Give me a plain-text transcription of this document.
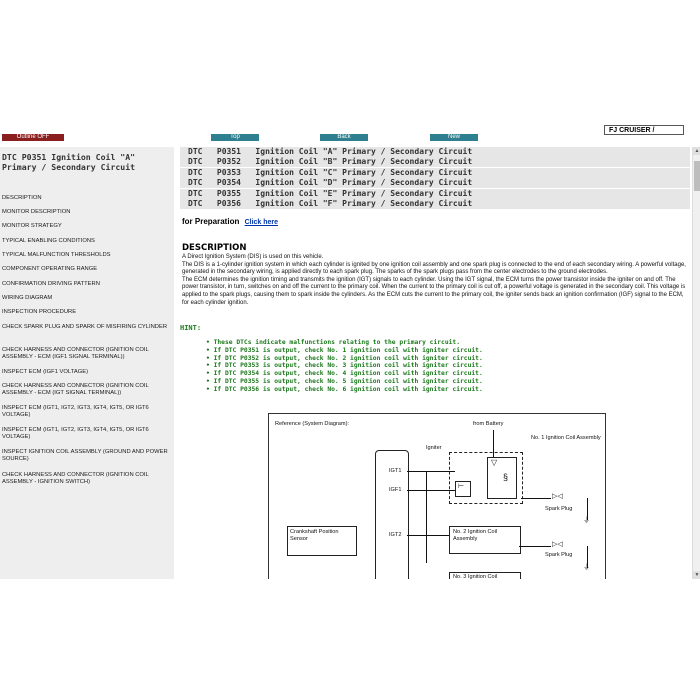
Outline OFF	Top	Back	New
FJ CRUISER /
DTC P0351 Ignition Coil "A" Primary / Secondary Circuit
DESCRIPTION
MONITOR DESCRIPTION
MONITOR STRATEGY
TYPICAL ENABLING CONDITIONS
TYPICAL MALFUNCTION THRESHOLDS
COMPONENT OPERATING RANGE
CONFIRMATION DRIVING PATTERN
WIRING DIAGRAM
INSPECTION PROCEDURE
CHECK SPARK PLUG AND SPARK OF MISFIRING CYLINDER
CHECK HARNESS AND CONNECTOR (IGNITION COIL ASSEMBLY - ECM (IGF1 SIGNAL TERMINAL))
INSPECT ECM (IGF1 VOLTAGE)
CHECK HARNESS AND CONNECTOR (IGNITION COIL ASSEMBLY - ECM (IGT SIGNAL TERMINAL))
INSPECT ECM (IGT1, IGT2, IGT3, IGT4, IGT5, OR IGT6 VOLTAGE)
INSPECT ECM (IGT1, IGT2, IGT3, IGT4, IGT5, OR IGT6 VOLTAGE)
INSPECT IGNITION COIL ASSEMBLY (GROUND AND POWER SOURCE)
CHECK HARNESS AND CONNECTOR (IGNITION COIL ASSEMBLY - IGNITION SWITCH)
DTC   P0351   Ignition Coil "A" Primary / Secondary Circuit
DTC   P0352   Ignition Coil "B" Primary / Secondary Circuit
DTC   P0353   Ignition Coil "C" Primary / Secondary Circuit
DTC   P0354   Ignition Coil "D" Primary / Secondary Circuit
DTC   P0355   Ignition Coil "E" Primary / Secondary Circuit
DTC   P0356   Ignition Coil "F" Primary / Secondary Circuit
for Preparation Click here
DESCRIPTION

A Direct Ignition System (DIS) is used on this vehicle.

The DIS is a 1-cylinder ignition system in which each cylinder is ignited by one ignition coil assembly and one spark plug is connected to the end of each secondary wiring. A powerful voltage, generated in the secondary wiring, is applied directly to each spark plug. The sparks of the spark plugs pass from the center electrodes to the ground electrodes.

The ECM determines the ignition timing and transmits the ignition (IGT) signals to each cylinder. Using the IGT signal, the ECM turns the power transistor inside the igniter on and off. The power transistor, in turn, switches on and off the current to the primary coil. When the current to the primary coil is cut off, a powerful voltage is generated in the secondary coil. This voltage is applied to the spark plugs, causing them to spark inside the cylinders. As the ECM cuts the current to the primary coil, the igniter sends back an ignition confirmation (IGF) signal to the ECM, for each cylinder ignition.

HINT:
• These DTCs indicate malfunctions relating to the primary circuit.
• If DTC P0351 is output, check No. 1 ignition coil with igniter circuit.
• If DTC P0352 is output, check No. 2 ignition coil with igniter circuit.
• If DTC P0353 is output, check No. 3 ignition coil with igniter circuit.
• If DTC P0354 is output, check No. 4 ignition coil with igniter circuit.
• If DTC P0355 is output, check No. 5 ignition coil with igniter circuit.
• If DTC P0356 is output, check No. 6 ignition coil with igniter circuit.
Reference (System Diagram):	from Battery
IGT1
IGF1
IGT2
Igniter
⊢
▽
§
No. 1 Ignition Coil Assembly
▷◁
⏚
Spark Plug
Crankshaft Position Sensor
No. 2 Ignition Coil Assembly
▷◁
Spark Plug
⏚
No. 3 Ignition Coil
▲
▼
